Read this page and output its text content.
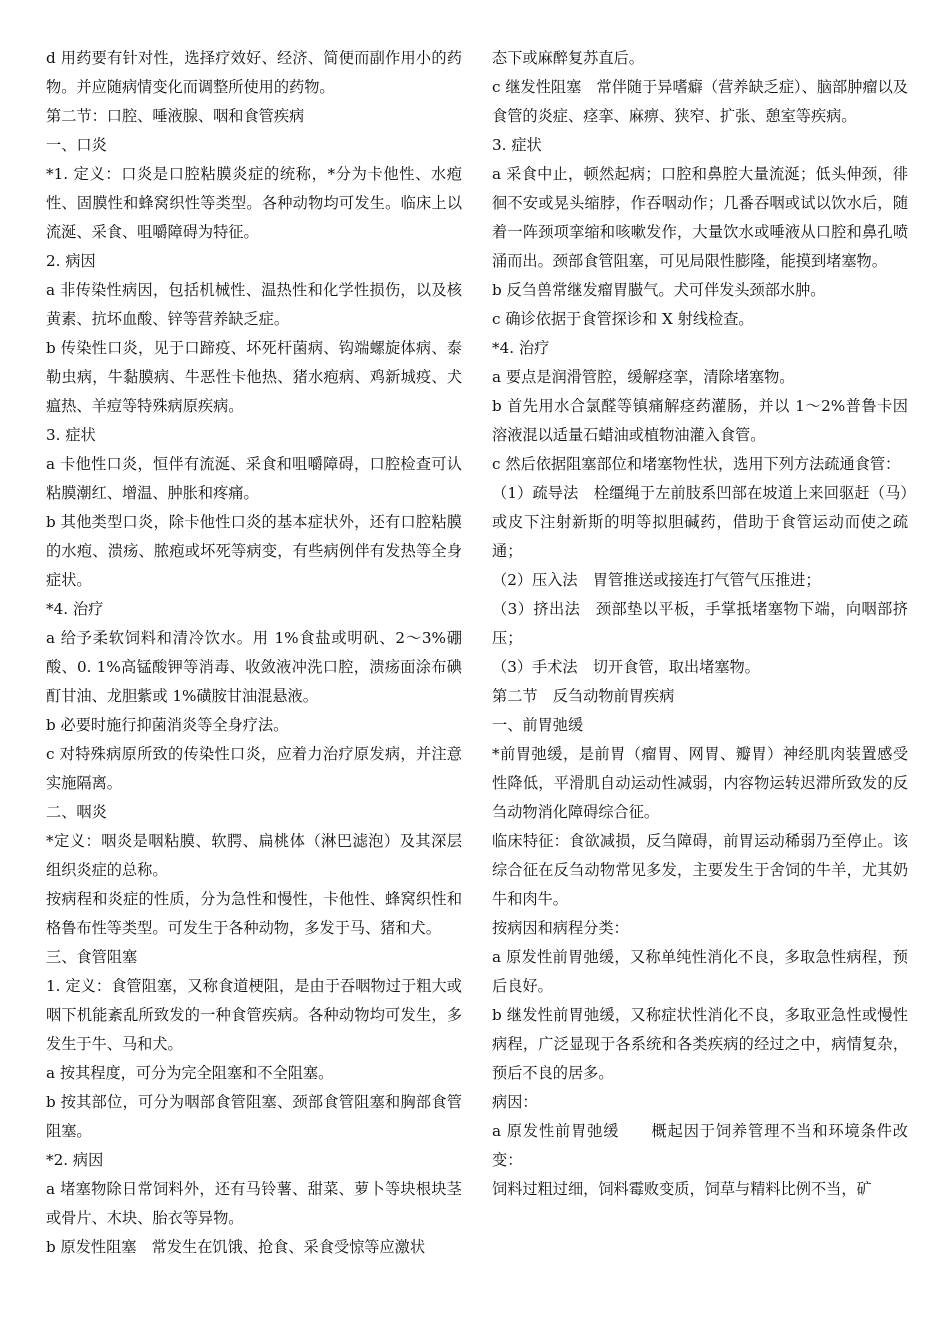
d 用药要有针对性，选择疗效好、经济、简便而副作用小的药物。并应随病情变化而调整所使用的药物。

第二节：口腔、唾液腺、咽和食管疾病

一、口炎

*1. 定义：口炎是口腔粘膜炎症的统称，*分为卡他性、水疱性、固膜性和蜂窝织性等类型。各种动物均可发生。临床上以流涎、采食、咀嚼障碍为特征。

2. 病因

a 非传染性病因，包括机械性、温热性和化学性损伤，以及核黄素、抗坏血酸、锌等营养缺乏症。

b 传染性口炎，见于口蹄疫、坏死杆菌病、钩端螺旋体病、泰勒虫病，牛黏膜病、牛恶性卡他热、猪水疱病、鸡新城疫、犬瘟热、羊痘等特殊病原疾病。

3. 症状

a 卡他性口炎，恒伴有流涎、采食和咀嚼障碍，口腔检查可认粘膜潮红、增温、肿胀和疼痛。

b 其他类型口炎，除卡他性口炎的基本症状外，还有口腔粘膜的水疱、溃疡、脓疱或坏死等病变，有些病例伴有发热等全身症状。

*4. 治疗

a 给予柔软饲料和清冷饮水。用 1%食盐或明矾、2～3%硼酸、0. 1%高锰酸钾等消毒、收敛液冲洗口腔，溃疡面涂布碘酊甘油、龙胆紫或 1%磺胺甘油混悬液。

b 必要时施行抑菌消炎等全身疗法。

c 对特殊病原所致的传染性口炎，应着力治疗原发病，并注意实施隔离。

二、咽炎

*定义：咽炎是咽粘膜、软腭、扁桃体（淋巴滤泡）及其深层组织炎症的总称。

按病程和炎症的性质，分为急性和慢性，卡他性、蜂窝织性和格鲁布性等类型。可发生于各种动物，多发于马、猪和犬。

三、食管阻塞

1. 定义：食管阻塞，又称食道梗阻，是由于吞咽物过于粗大或咽下机能紊乱所致发的一种食管疾病。各种动物均可发生，多发生于牛、马和犬。

a 按其程度，可分为完全阻塞和不全阻塞。

b 按其部位，可分为咽部食管阻塞、颈部食管阻塞和胸部食管阻塞。

*2. 病因

a 堵塞物除日常饲料外，还有马铃薯、甜菜、萝卜等块根块茎或骨片、木块、胎衣等异物。

b 原发性阻塞　常发生在饥饿、抢食、采食受惊等应激状

态下或麻醉复苏直后。

c 继发性阻塞　常伴随于异嗜癖（营养缺乏症）、脑部肿瘤以及食管的炎症、痉挛、麻痹、狭窄、扩张、憩室等疾病。

3. 症状

a 采食中止，顿然起病；口腔和鼻腔大量流涎；低头伸颈，徘徊不安或晃头缩脖，作吞咽动作；几番吞咽或试以饮水后，随着一阵颈项挛缩和咳嗽发作，大量饮水或唾液从口腔和鼻孔喷涌而出。颈部食管阻塞，可见局限性膨隆，能摸到堵塞物。

b 反刍兽常继发瘤胃臌气。犬可伴发头颈部水肿。

c 确诊依据于食管探诊和 X 射线检查。

*4. 治疗

a 要点是润滑管腔，缓解痉挛，清除堵塞物。

b 首先用水合氯醛等镇痛解痉药灌肠，并以 1～2%普鲁卡因溶液混以适量石蜡油或植物油灌入食管。

c 然后依据阻塞部位和堵塞物性状，选用下列方法疏通食管：

（1）疏导法　栓缰绳于左前肢系凹部在坡道上来回驱赶（马）或皮下注射新斯的明等拟胆碱药，借助于食管运动而使之疏通；

（2）压入法　胃管推送或接连打气管气压推进；

（3）挤出法　颈部垫以平板，手掌抵堵塞物下端，向咽部挤压；

（3）手术法　切开食管，取出堵塞物。

第二节　反刍动物前胃疾病

一、前胃弛缓

*前胃弛缓，是前胃（瘤胃、网胃、瓣胃）神经肌肉装置感受性降低，平滑肌自动运动性减弱，内容物运转迟滞所致发的反刍动物消化障碍综合征。

临床特征：食欲减损，反刍障碍，前胃运动稀弱乃至停止。该综合征在反刍动物常见多发，主要发生于舍饲的牛羊，尤其奶牛和肉牛。

按病因和病程分类：

a 原发性前胃弛缓，又称单纯性消化不良，多取急性病程，预后良好。

b 继发性前胃弛缓，又称症状性消化不良，多取亚急性或慢性病程，广泛显现于各系统和各类疾病的经过之中，病情复杂，预后不良的居多。

病因：

a 原发性前胃弛缓　　概起因于饲养管理不当和环境条件改变：

饲料过粗过细，饲料霉败变质，饲草与精料比例不当，矿
